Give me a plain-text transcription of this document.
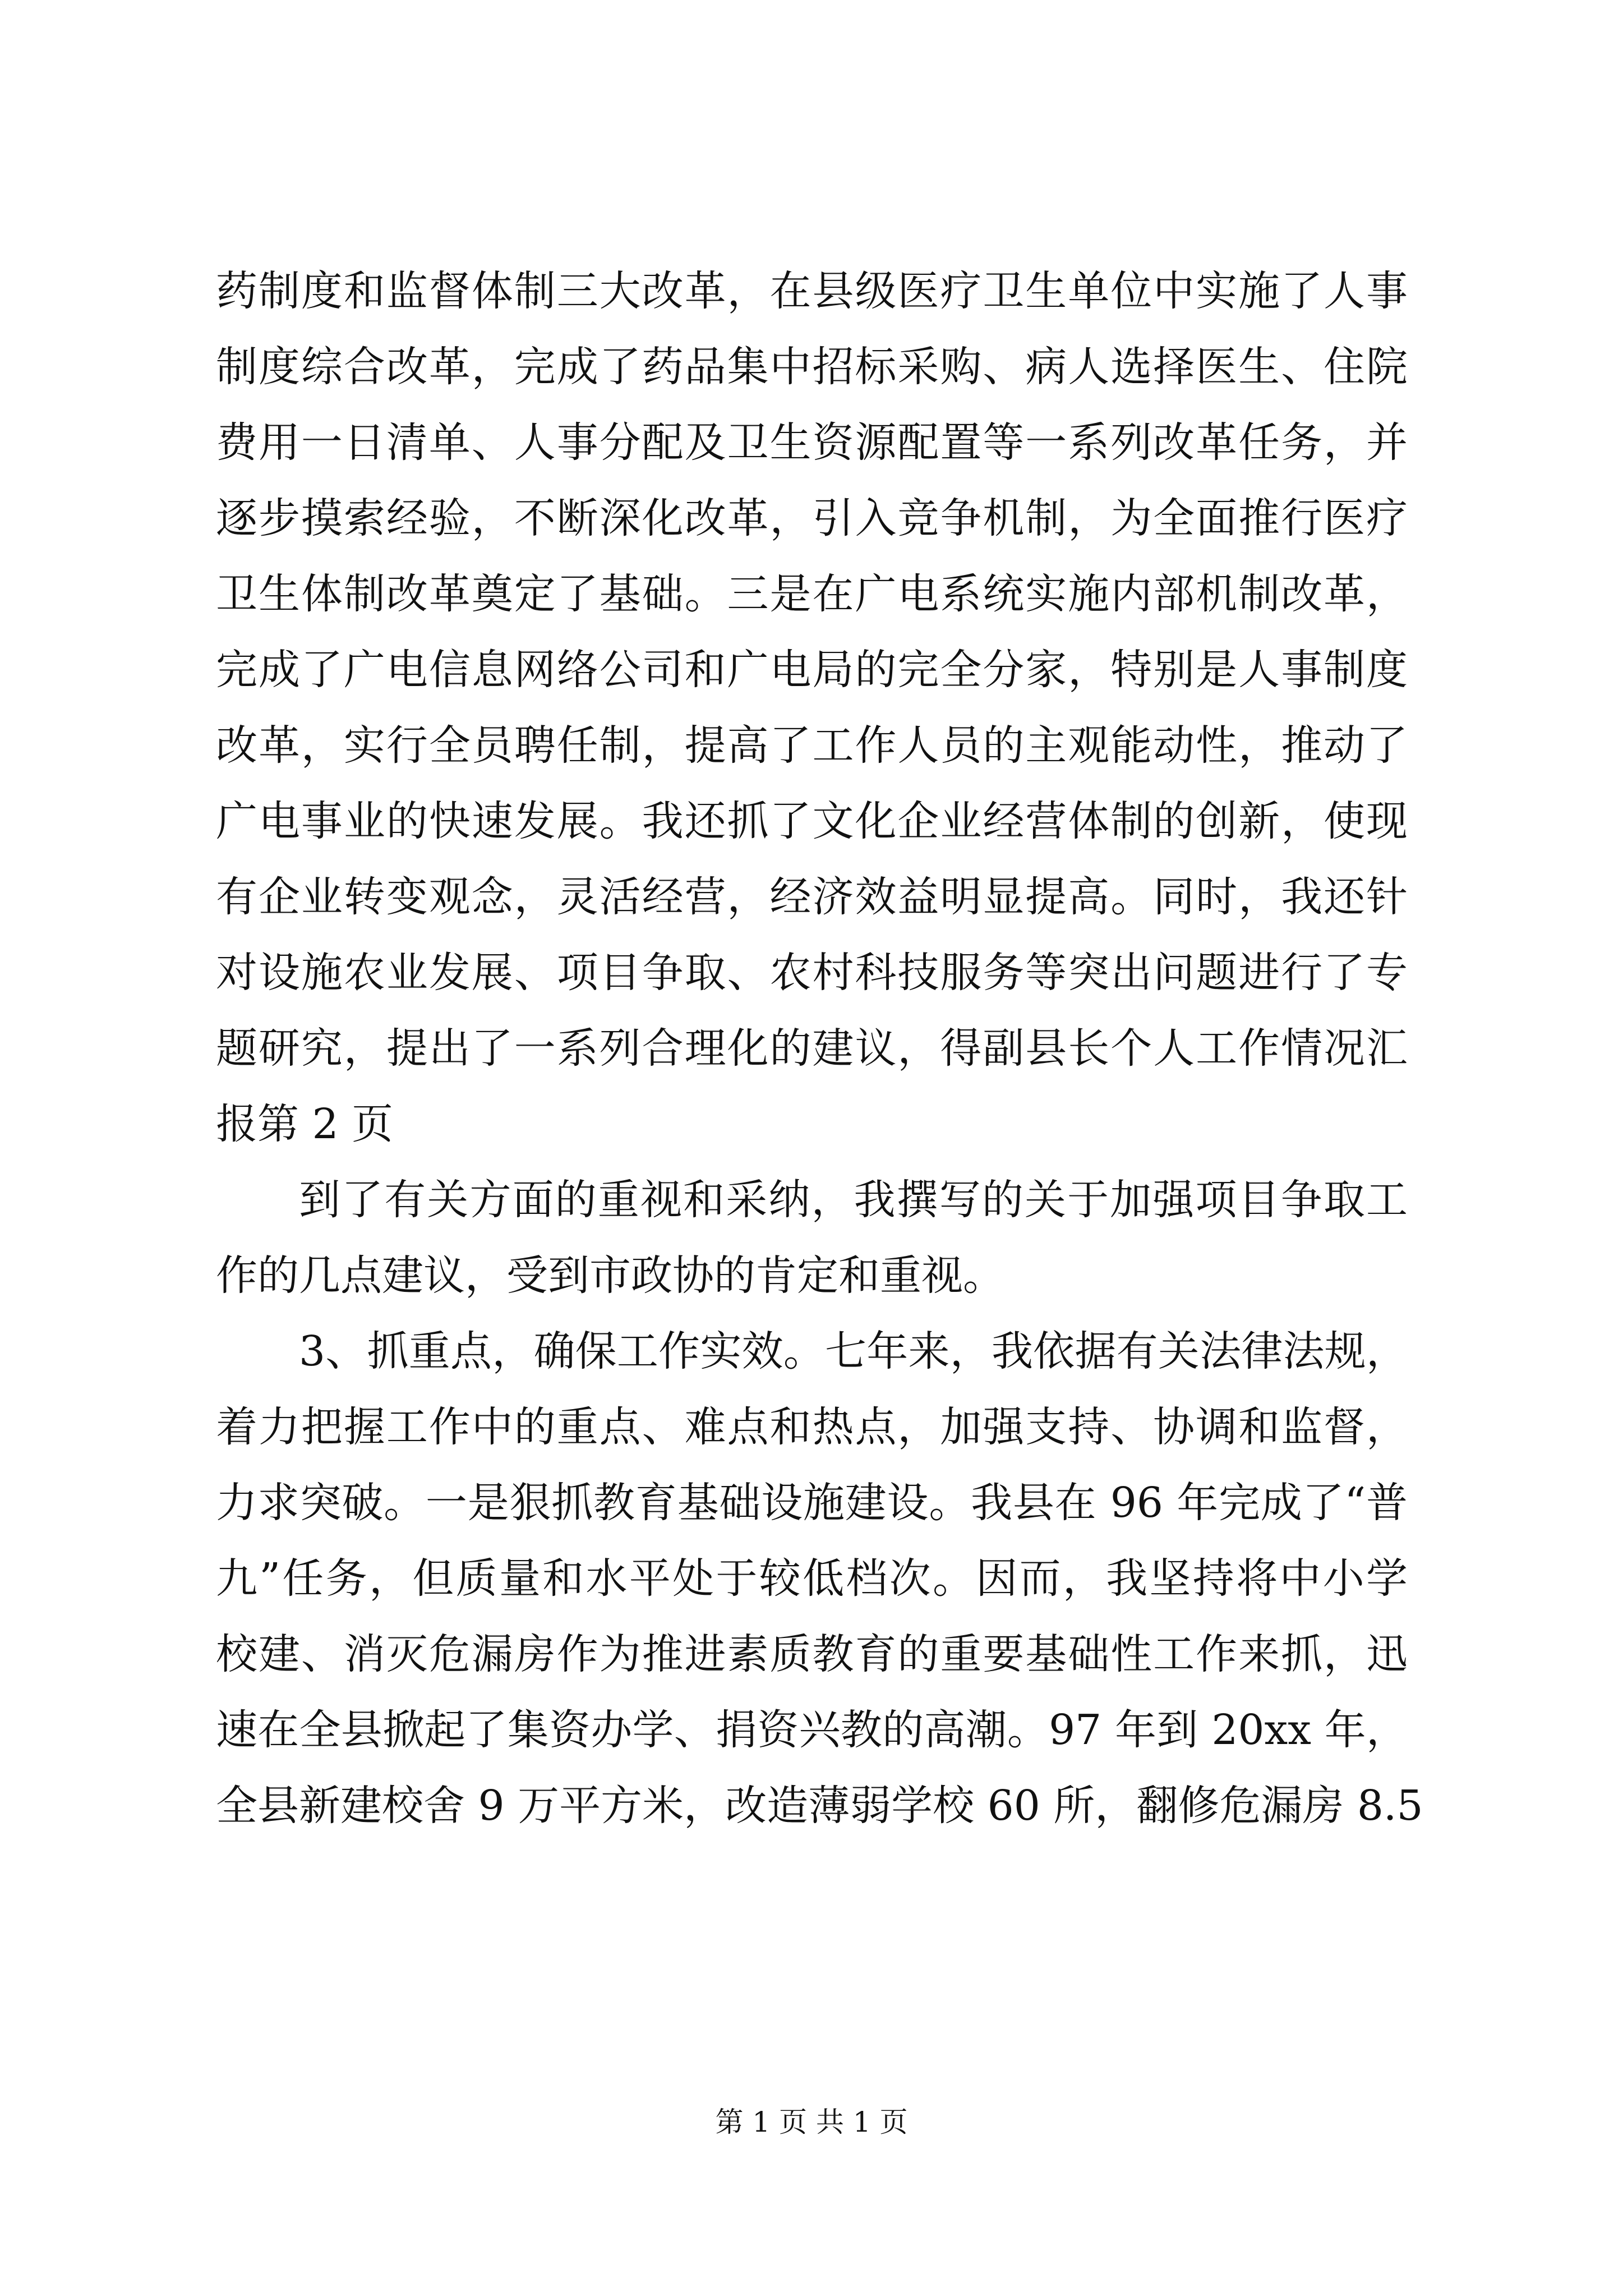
药制度和监督体制三大改革，在县级医疗卫生单位中实施了人事
制度综合改革，完成了药品集中招标采购、病人选择医生、住院
费用一日清单、人事分配及卫生资源配置等一系列改革任务，并
逐步摸索经验，不断深化改革，引入竞争机制，为全面推行医疗
卫生体制改革奠定了基础。三是在广电系统实施内部机制改革，
完成了广电信息网络公司和广电局的完全分家，特别是人事制度
改革，实行全员聘任制，提高了工作人员的主观能动性，推动了
广电事业的快速发展。我还抓了文化企业经营体制的创新，使现
有企业转变观念，灵活经营，经济效益明显提高。同时，我还针
对设施农业发展、项目争取、农村科技服务等突出问题进行了专
题研究，提出了一系列合理化的建议，得副县长个人工作情况汇
报第 2 页
到了有关方面的重视和采纳，我撰写的关于加强项目争取工
作的几点建议，受到市政协的肯定和重视。
3、抓重点，确保工作实效。七年来，我依据有关法律法规，
着力把握工作中的重点、难点和热点，加强支持、协调和监督，
力求突破。一是狠抓教育基础设施建设。我县在 96 年完成了“普
九”任务，但质量和水平处于较低档次。因而，我坚持将中小学
校建、消灭危漏房作为推进素质教育的重要基础性工作来抓，迅
速在全县掀起了集资办学、捐资兴教的高潮。97 年到 20xx 年，
全县新建校舍 9 万平方米，改造薄弱学校 60 所，翻修危漏房 8.5
第 1 页 共 1 页
